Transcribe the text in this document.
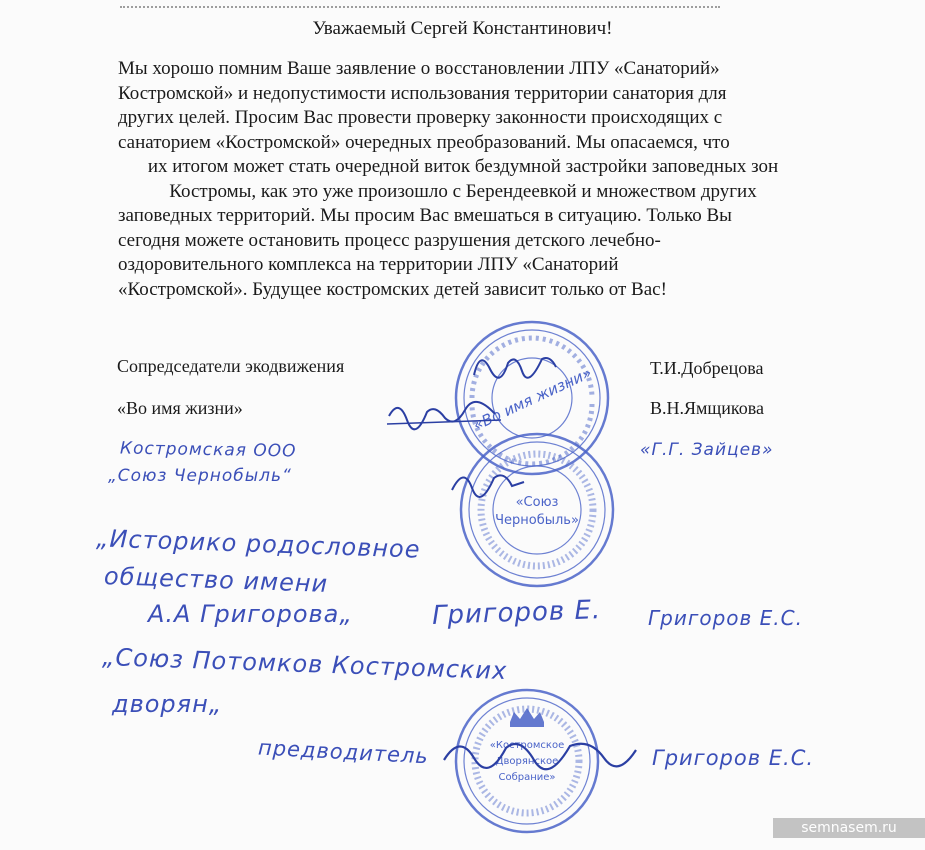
Уважаемый Сергей Константинович!
Мы хорошо помним Ваше заявление о восстановлении ЛПУ «Санаторий»
Костромской» и недопустимости использования территории санатория для
других целей. Просим Вас провести проверку законности происходящих с
санаторием «Костромской» очередных преобразований. Мы опасаемся, что
их итогом может стать очередной виток бездумной застройки заповедных зон
Костромы, как это уже произошло с Берендеевкой и множеством других
заповедных территорий. Мы просим Вас вмешаться в ситуацию. Только Вы
сегодня можете остановить процесс разрушения детского лечебно-
оздоровительного комплекса на территории ЛПУ «Санаторий
«Костромской». Будущее костромских детей зависит только от Вас!
Сопредседатели экодвижения
«Во имя жизни»
Т.И.Добрецова
В.Н.Ямщикова
«Во имя жизни»
«Союз
Чернобыль»
«Костромское
Дворянское
Собрание»
Костромская ООО
„Союз Чернобыль“
«Г.Г. Зайцев»
„Историко родословное
общество имени
А.А Григорова„	Григоров Е. Григоров Е.С.
„Союз Потомков Костромских
дворян„
предводитель	Григоров Е.С.
semnasem.ru
